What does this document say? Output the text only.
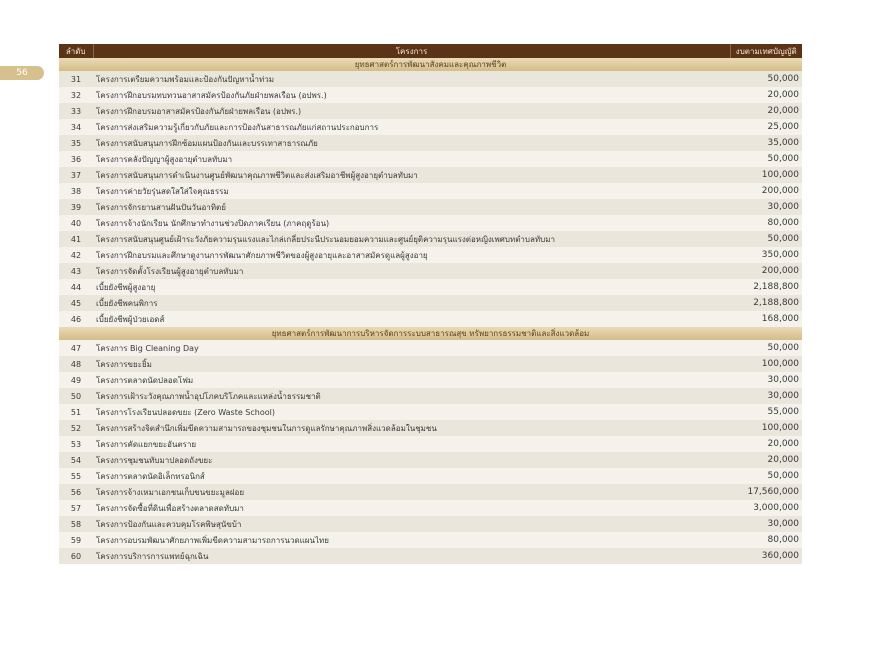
56
ลำดับ	โครงการ	งบตามเทศบัญญัติ
ยุทธศาสตร์การพัฒนาสังคมและคุณภาพชีวิต		
31	โครงการเตรียมความพร้อมและป้องกันปัญหาน้ำท่วม	50,000
32	โครงการฝึกอบรมทบทวนอาสาสมัครป้องกันภัยฝ่ายพลเรือน (อปพร.)	20,000
33	โครงการฝึกอบรมอาสาสมัครป้องกันภัยฝ่ายพลเรือน (อปพร.)	20,000
34	โครงการส่งเสริมความรู้เกี่ยวกับภัยและการป้องกันสาธารณภัยแก่สถานประกอบการ	25,000
35	โครงการสนับสนุนการฝึกซ้อมแผนป้องกันและบรรเทาสาธารณภัย	35,000
36	โครงการคลังปัญญาผู้สูงอายุตำบลทับมา	50,000
37	โครงการสนับสนุนการดำเนินงานศูนย์พัฒนาคุณภาพชีวิตและส่งเสริมอาชีพผู้สูงอายุตำบลทับมา	100,000
38	โครงการค่ายวัยรุ่นสดใสใส่ใจคุณธรรม	200,000
39	โครงการจักรยานสานฝันปันวันอาทิตย์	30,000
40	โครงการจ้างนักเรียน นักศึกษาทำงานช่วงปิดภาคเรียน (ภาคฤดูร้อน)	80,000
41	โครงการสนับสนุนศูนย์เฝ้าระวังภัยความรุนแรงและไกล่เกลี่ยประนีประนอมยอมความและศูนย์ยุติความรุนแรงต่อหญิงเพศบทตำบลทับมา	50,000
42	โครงการฝึกอบรมและศึกษาดูงานการพัฒนาศักยภาพชีวิตของผู้สูงอายุและอาสาสมัครดูแลผู้สูงอายุ	350,000
43	โครงการจัดตั้งโรงเรียนผู้สูงอายุตำบลทับมา	200,000
44	เบี้ยยังชีพผู้สูงอายุ	2,188,800
45	เบี้ยยังชีพคนพิการ	2,188,800
46	เบี้ยยังชีพผู้ป่วยเอดส์	168,000
ยุทธศาสตร์การพัฒนาการบริหารจัดการระบบสาธารณสุข ทรัพยากรธรรมชาติและสิ่งแวดล้อม		
47	โครงการ Big Cleaning Day	50,000
48	โครงการขยะยิ้ม	100,000
49	โครงการตลาดนัดปลอดโฟม	30,000
50	โครงการเฝ้าระวังคุณภาพน้ำอุปโภคบริโภคและแหล่งน้ำธรรมชาติ	30,000
51	โครงการโรงเรียนปลอดขยะ (Zero Waste School)	55,000
52	โครงการสร้างจิตสำนึกเพิ่มขีดความสามารถของชุมชนในการดูแลรักษาคุณภาพสิ่งแวดล้อมในชุมชน	100,000
53	โครงการคัดแยกขยะอันตราย	20,000
54	โครงการชุมชนทับมาปลอดถังขยะ	20,000
55	โครงการตลาดนัดอิเล็กทรอนิกส์	50,000
56	โครงการจ้างเหมาเอกชนเก็บขนขยะมูลฝอย	17,560,000
57	โครงการจัดซื้อที่ดินเพื่อสร้างตลาดสดทับมา	3,000,000
58	โครงการป้องกันและควบคุมโรคพิษสุนัขบ้า	30,000
59	โครงการอบรมพัฒนาศักยภาพเพิ่มขีดความสามารถการนวดแผนไทย	80,000
60	โครงการบริการการแพทย์ฉุกเฉิน	360,000
